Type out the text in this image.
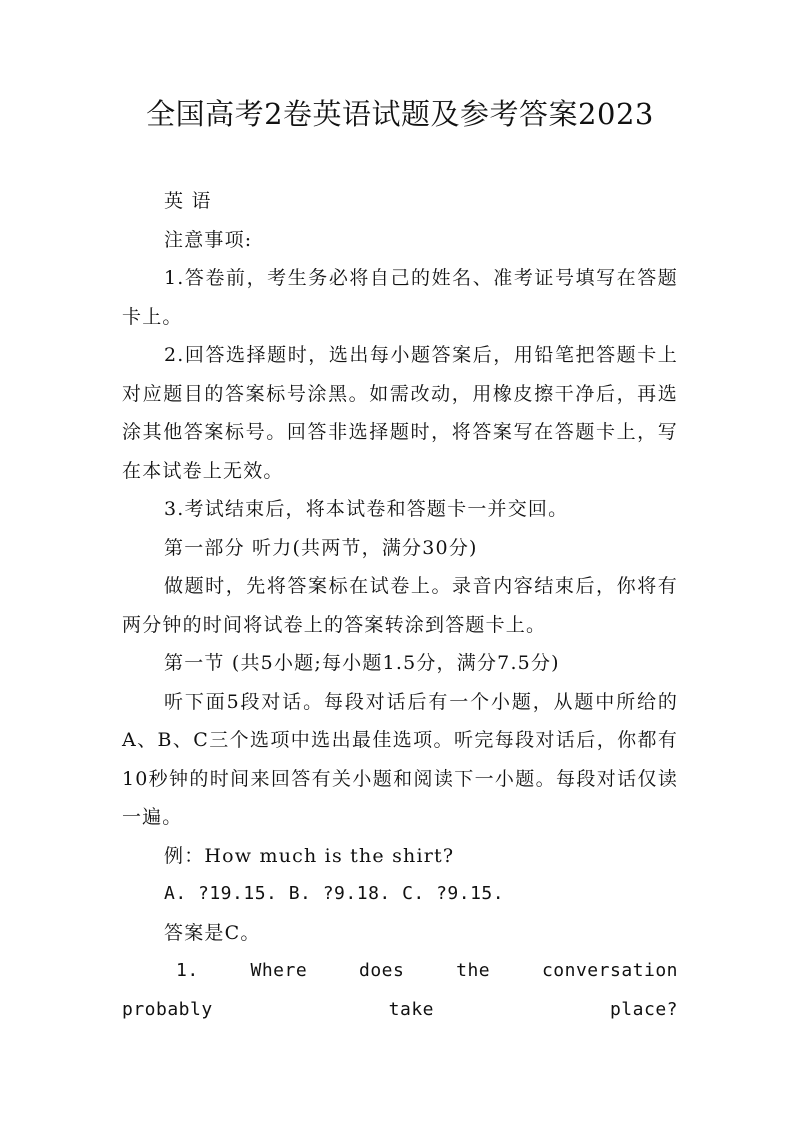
全国高考2卷英语试题及参考答案2023

英 语

注意事项:

1.答卷前，考生务必将自己的姓名、准考证号填写在答题卡上。

2.回答选择题时，选出每小题答案后，用铅笔把答题卡上对应题目的答案标号涂黑。如需改动，用橡皮擦干净后，再选涂其他答案标号。回答非选择题时，将答案写在答题卡上，写在本试卷上无效。

3.考试结束后，将本试卷和答题卡一并交回。

第一部分 听力(共两节，满分30分)

做题时，先将答案标在试卷上。录音内容结束后，你将有两分钟的时间将试卷上的答案转涂到答题卡上。

第一节 (共5小题;每小题1.5分，满分7.5分)

听下面5段对话。每段对话后有一个小题，从题中所给的A、B、C三个选项中选出最佳选项。听完每段对话后，你都有10秒钟的时间来回答有关小题和阅读下一小题。每段对话仅读一遍。

例：How much is the shirt?

A. ?19.15. B. ?9.18. C. ?9.15.

答案是C。

1. Where does the conversation probably take place?
